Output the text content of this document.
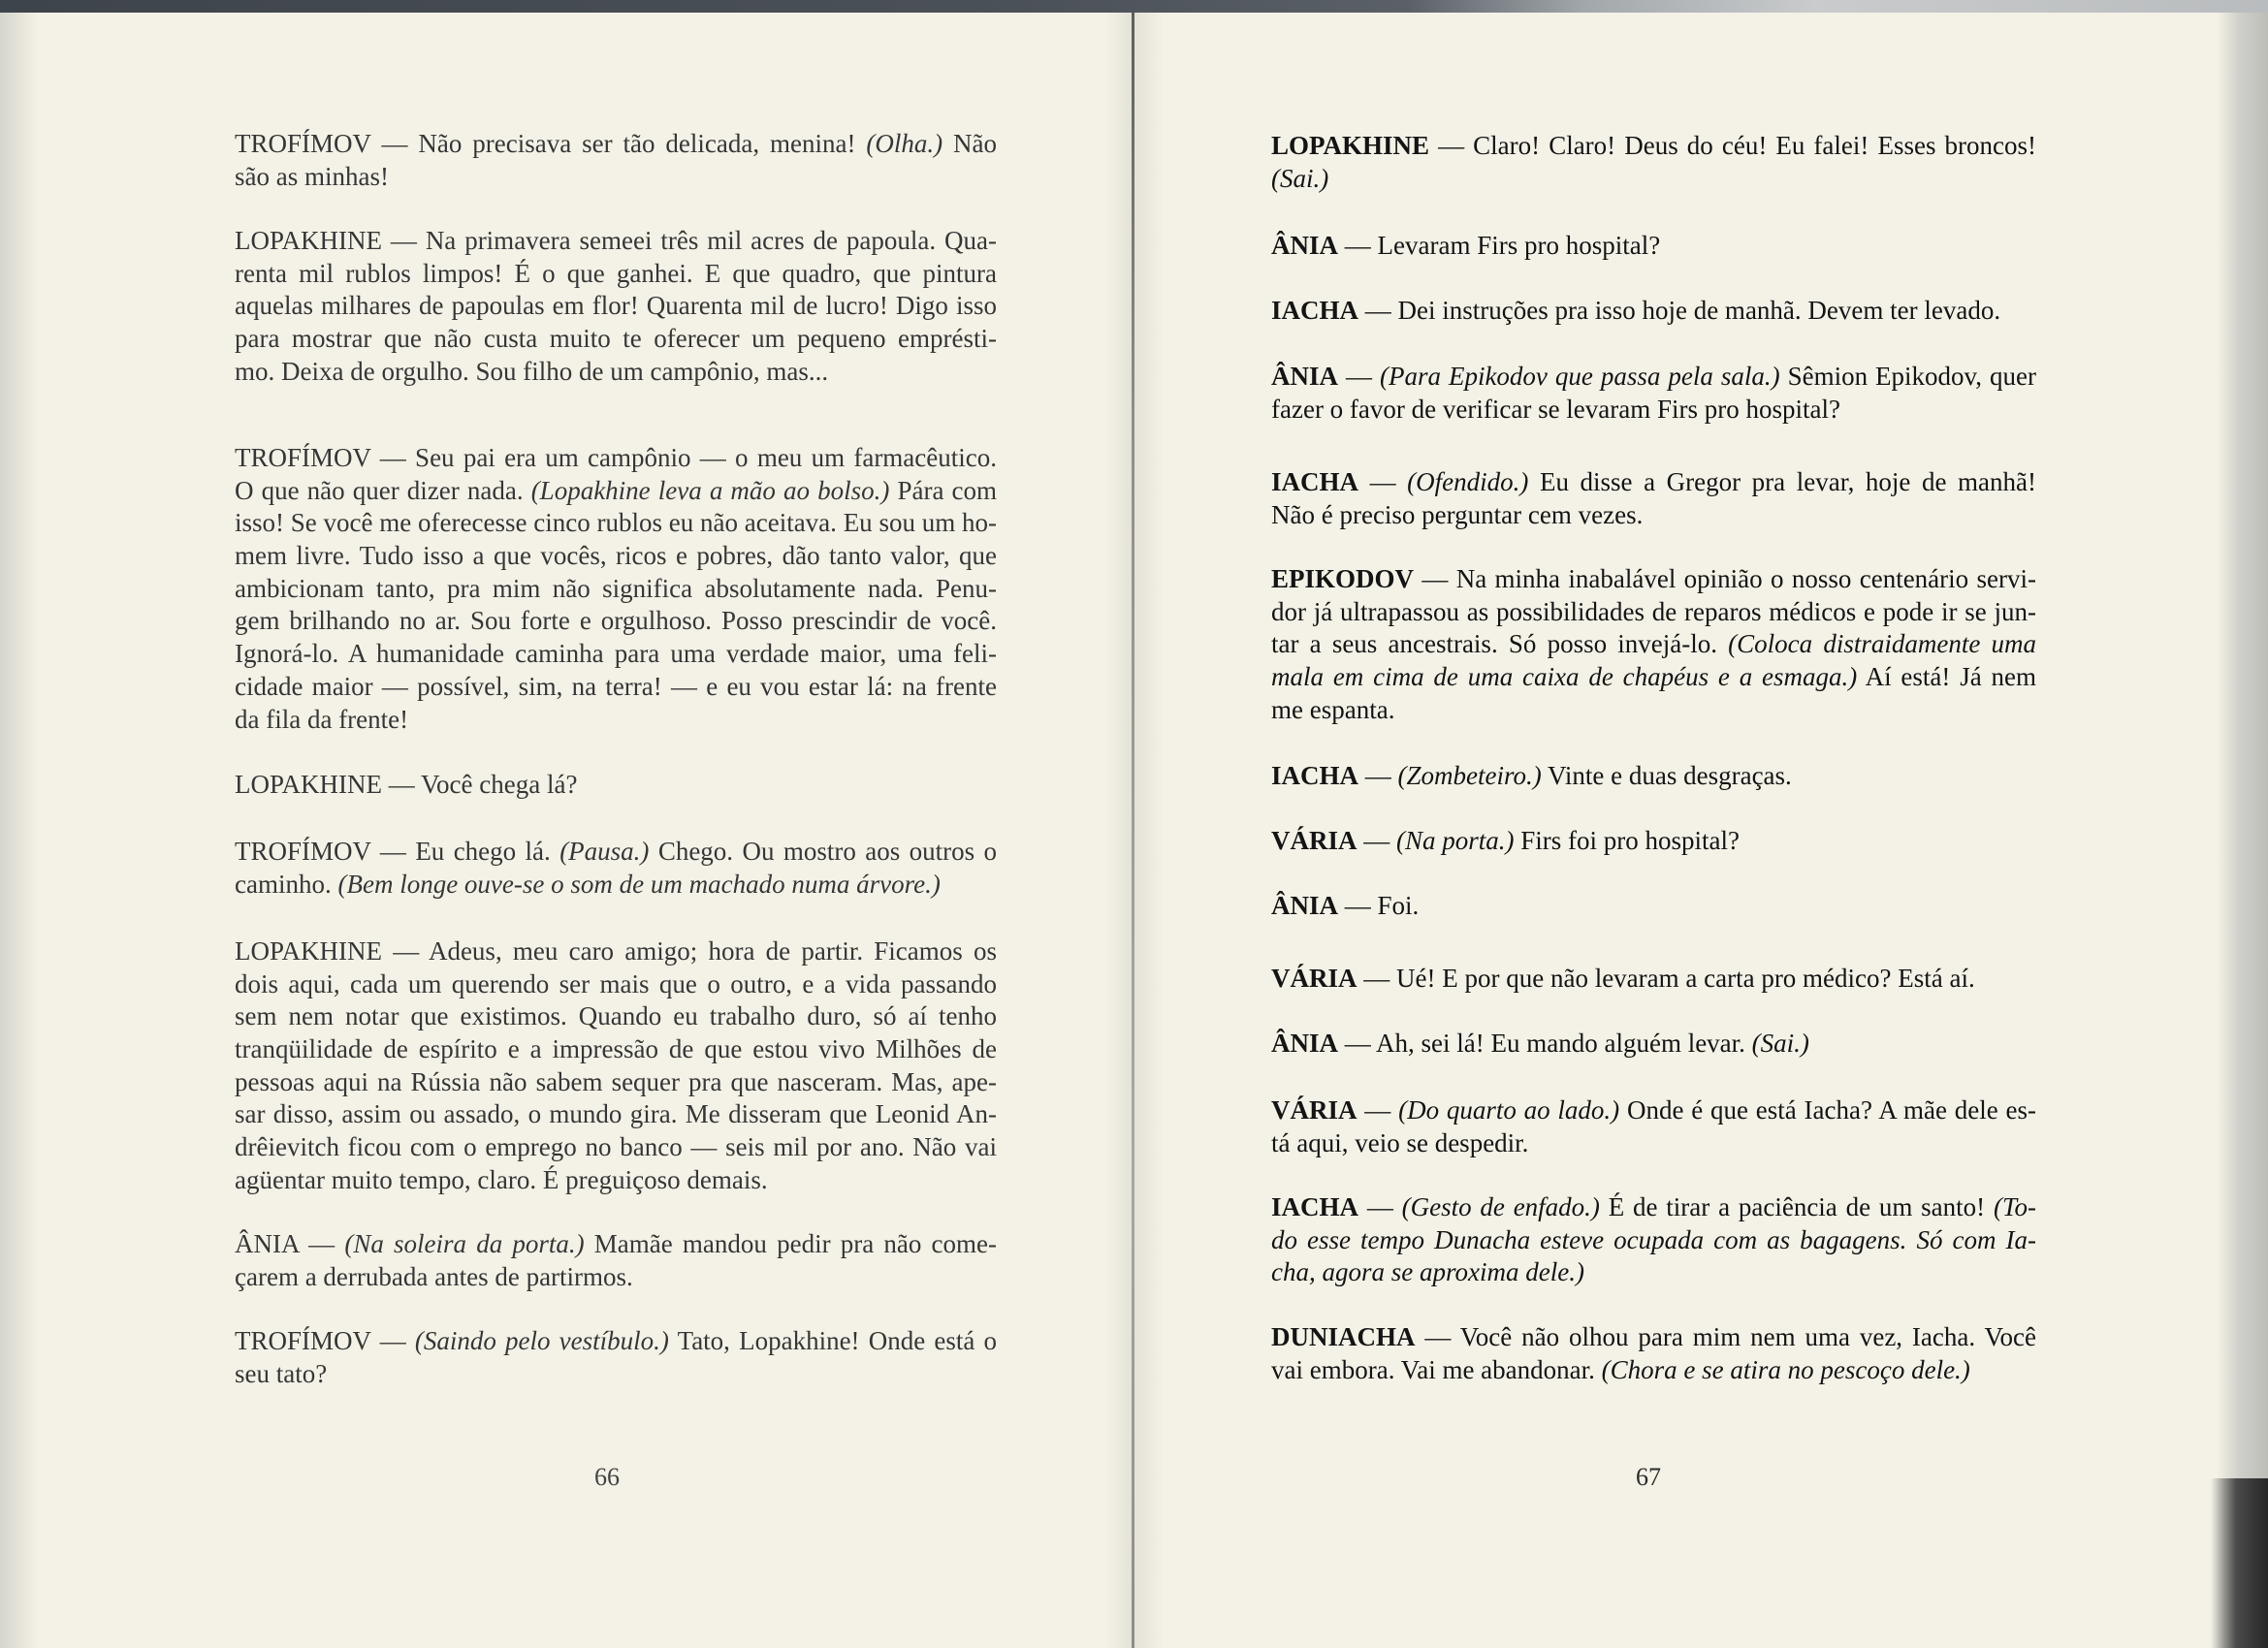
TROFÍMOV — Não precisava ser tão delicada, menina! (Olha.) Não
são as minhas!
LOPAKHINE — Na primavera semeei três mil acres de papoula. Qua-
renta mil rublos limpos! É o que ganhei. E que quadro, que pintura
aquelas milhares de papoulas em flor! Quarenta mil de lucro! Digo isso
para mostrar que não custa muito te oferecer um pequeno emprésti-
mo. Deixa de orgulho. Sou filho de um campônio, mas...
TROFÍMOV — Seu pai era um campônio — o meu um farmacêutico.
O que não quer dizer nada. (Lopakhine leva a mão ao bolso.) Pára com
isso! Se você me oferecesse cinco rublos eu não aceitava. Eu sou um ho-
mem livre. Tudo isso a que vocês, ricos e pobres, dão tanto valor, que
ambicionam tanto, pra mim não significa absolutamente nada. Penu-
gem brilhando no ar. Sou forte e orgulhoso. Posso prescindir de você.
Ignorá-lo. A humanidade caminha para uma verdade maior, uma feli-
cidade maior — possível, sim, na terra! — e eu vou estar lá: na frente
da fila da frente!
LOPAKHINE — Você chega lá?
TROFÍMOV — Eu chego lá. (Pausa.) Chego. Ou mostro aos outros o
caminho. (Bem longe ouve-se o som de um machado numa árvore.)
LOPAKHINE — Adeus, meu caro amigo; hora de partir. Ficamos os
dois aqui, cada um querendo ser mais que o outro, e a vida passando
sem nem notar que existimos. Quando eu trabalho duro, só aí tenho
tranqüilidade de espírito e a impressão de que estou vivo Milhões de
pessoas aqui na Rússia não sabem sequer pra que nasceram. Mas, ape-
sar disso, assim ou assado, o mundo gira. Me disseram que Leonid An-
drêievitch ficou com o emprego no banco — seis mil por ano. Não vai
agüentar muito tempo, claro. É preguiçoso demais.
ÂNIA — (Na soleira da porta.) Mamãe mandou pedir pra não come-
çarem a derrubada antes de partirmos.
TROFÍMOV — (Saindo pelo vestíbulo.) Tato, Lopakhine! Onde está o
seu tato?
66
LOPAKHINE — Claro! Claro! Deus do céu! Eu falei! Esses broncos!
(Sai.)
ÂNIA — Levaram Firs pro hospital?
IACHA — Dei instruções pra isso hoje de manhã. Devem ter levado.
ÂNIA — (Para Epikodov que passa pela sala.) Sêmion Epikodov, quer
fazer o favor de verificar se levaram Firs pro hospital?
IACHA — (Ofendido.) Eu disse a Gregor pra levar, hoje de manhã!
Não é preciso perguntar cem vezes.
EPIKODOV — Na minha inabalável opinião o nosso centenário servi-
dor já ultrapassou as possibilidades de reparos médicos e pode ir se jun-
tar a seus ancestrais. Só posso invejá-lo. (Coloca distraidamente uma
mala em cima de uma caixa de chapéus e a esmaga.) Aí está! Já nem
me espanta.
IACHA — (Zombeteiro.) Vinte e duas desgraças.
VÁRIA — (Na porta.) Firs foi pro hospital?
ÂNIA — Foi.
VÁRIA — Ué! E por que não levaram a carta pro médico? Está aí.
ÂNIA — Ah, sei lá! Eu mando alguém levar. (Sai.)
VÁRIA — (Do quarto ao lado.) Onde é que está Iacha? A mãe dele es-
tá aqui, veio se despedir.
IACHA — (Gesto de enfado.) É de tirar a paciência de um santo! (To-
do esse tempo Dunacha esteve ocupada com as bagagens. Só com Ia-
cha, agora se aproxima dele.)
DUNIACHA — Você não olhou para mim nem uma vez, Iacha. Você
vai embora. Vai me abandonar. (Chora e se atira no pescoço dele.)
67
